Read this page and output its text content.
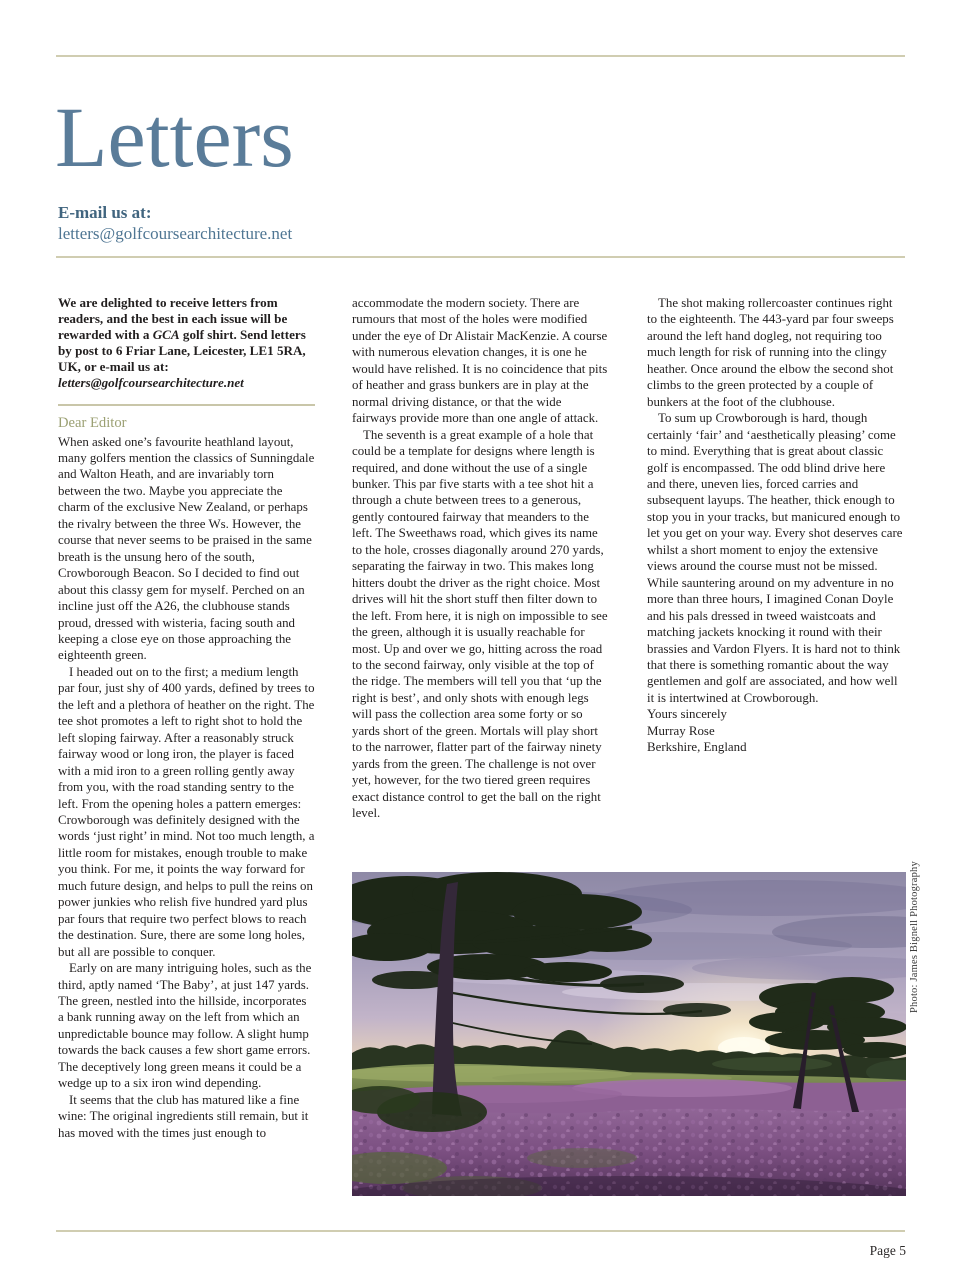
Letters
E-mail us at:
letters@golfcoursearchitecture.net

We are delighted to receive letters from readers, and the best in each issue will be rewarded with a GCA golf shirt. Send letters by post to 6 Friar Lane, Leicester, LE1 5RA, UK, or e-mail us at:
letters@golfcoursearchitecture.net

Dear Editor

When asked one’s favourite heathland layout, many golfers mention the classics of Sunningdale and Walton Heath, and are invariably torn between the two. Maybe you appreciate the charm of the exclusive New Zealand, or perhaps the rivalry between the three Ws. However, the course that never seems to be praised in the same breath is the unsung hero of the south, Crowborough Beacon. So I decided to find out about this classy gem for myself. Perched on an incline just off the A26, the clubhouse stands proud, dressed with wisteria, facing south and keeping a close eye on those approaching the eighteenth green.

I headed out on to the first; a medium length par four, just shy of 400 yards, defined by trees to the left and a plethora of heather on the right. The tee shot promotes a left to right shot to hold the left sloping fairway. After a reasonably struck fairway wood or long iron, the player is faced with a mid iron to a green rolling gently away from you, with the road standing sentry to the left. From the opening holes a pattern emerges: Crowborough was definitely designed with the words ‘just right’ in mind. Not too much length, a little room for mistakes, enough trouble to make you think. For me, it points the way forward for much future design, and helps to pull the reins on power junkies who relish five hundred yard plus par fours that require two perfect blows to reach the destination. Sure, there are some long holes, but all are possible to conquer.

Early on are many intriguing holes, such as the third, aptly named ‘The Baby’, at just 147 yards. The green, nestled into the hillside, incorporates a bank running away on the left from which an unpredictable bounce may follow. A slight hump towards the back causes a few short game errors. The deceptively long green means it could be a wedge up to a six iron wind depending.

It seems that the club has matured like a fine wine: The original ingredients still remain, but it has moved with the times just enough to

accommodate the modern society. There are rumours that most of the holes were modified under the eye of Dr Alistair MacKenzie. A course with numerous elevation changes, it is one he would have relished. It is no coincidence that pits of heather and grass bunkers are in play at the normal driving distance, or that the wide fairways provide more than one angle of attack.

The seventh is a great example of a hole that could be a template for designs where length is required, and done without the use of a single bunker. This par five starts with a tee shot hit a through a chute between trees to a generous, gently contoured fairway that meanders to the left. The Sweethaws road, which gives its name to the hole, crosses diagonally around 270 yards, separating the fairway in two. This makes long hitters doubt the driver as the right choice. Most drives will hit the short stuff then filter down to the left. From here, it is nigh on impossible to see the green, although it is usually reachable for most. Up and over we go, hitting across the road to the second fairway, only visible at the top of the ridge. The members will tell you that ‘up the right is best’, and only shots with enough legs will pass the collection area some forty or so yards short of the green. Mortals will play short to the narrower, flatter part of the fairway ninety yards from the green. The challenge is not over yet, however, for the two tiered green requires exact distance control to get the ball on the right level.

The shot making rollercoaster continues right to the eighteenth. The 443-yard par four sweeps around the left hand dogleg, not requiring too much length for risk of running into the clingy heather. Once around the elbow the second shot climbs to the green protected by a couple of bunkers at the foot of the clubhouse.

To sum up Crowborough is hard, though certainly ‘fair’ and ‘aesthetically pleasing’ come to mind. Everything that is great about classic golf is encompassed. The odd blind drive here and there, uneven lies, forced carries and subsequent layups. The heather, thick enough to stop you in your tracks, but manicured enough to let you get on your way. Every shot deserves care whilst a short moment to enjoy the extensive views around the course must not be missed. While sauntering around on my adventure in no more than three hours, I imagined Conan Doyle and his pals dressed in tweed waistcoats and matching jackets knocking it round with their brassies and Vardon Flyers. It is hard not to think that there is something romantic about the way gentlemen and golf are associated, and how well it is intertwined at Crowborough.

Yours sincerely

Murray Rose
Berkshire, England

Photo: James Bignell Photography
Page 5
